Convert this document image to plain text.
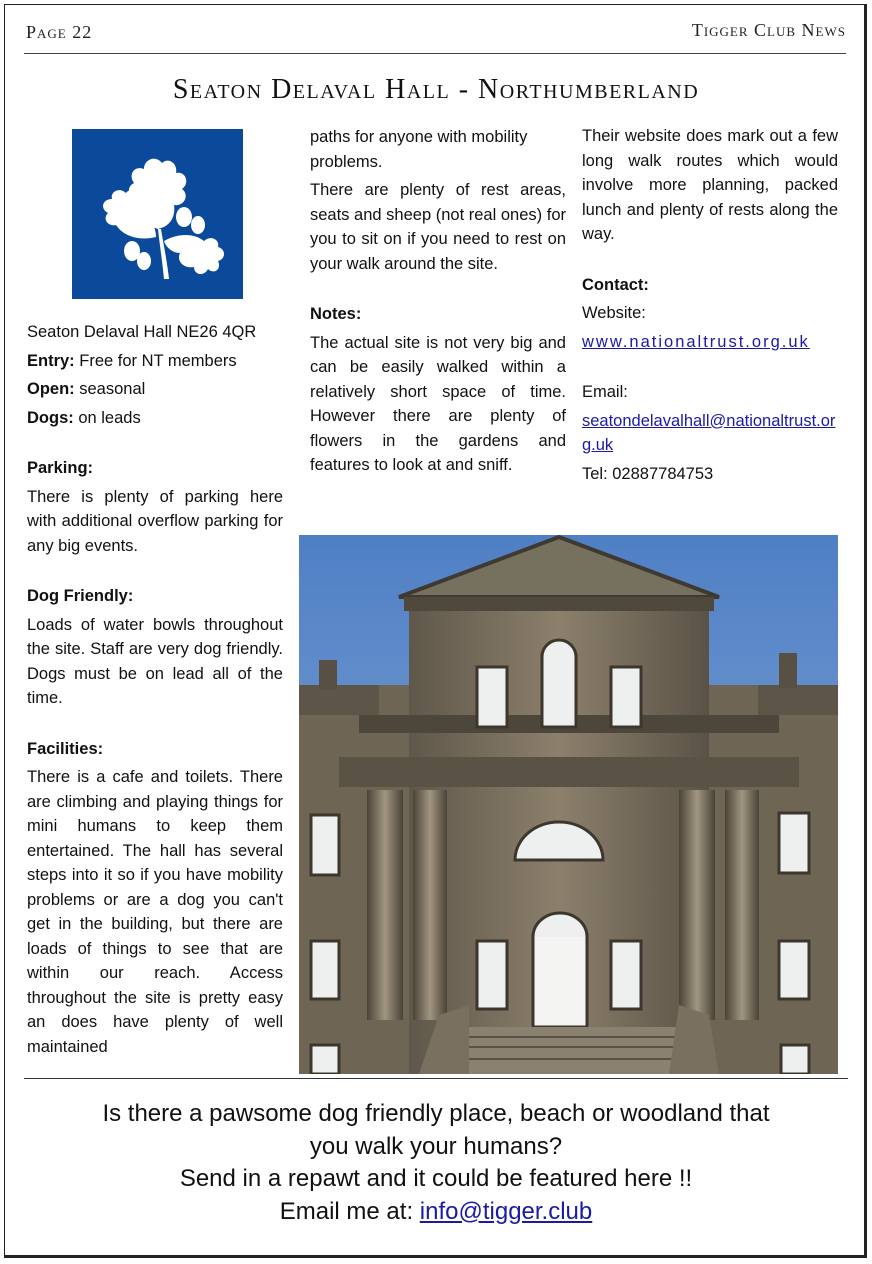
Page 22	Tigger Club News
Seaton Delaval Hall - Northumberland

Seaton Delaval Hall NE26 4QR

Entry: Free for NT members

Open: seasonal

Dogs: on leads

Parking:

There is plenty of parking here with additional overflow parking for any big events.

Dog Friendly:

Loads of water bowls throughout the site. Staff are very dog friendly. Dogs must be on lead all of the time.

Facilities:

There is a cafe and toilets. There are climbing and playing things for mini humans to keep them entertained. The hall has several steps into it so if you have mobility problems or are a dog you can't get in the building, but there are loads of things to see that are within our reach. Access throughout the site is pretty easy an does have plenty of well maintained

paths for anyone with mobility problems.

There are plenty of rest areas, seats and sheep (not real ones) for you to sit on if you need to rest on your walk around the site.

Notes:

The actual site is not very big and can be easily walked within a relatively short space of time. However there are plenty of flowers in the gardens and features to look at and sniff.

Their website does mark out a few long walk routes which would involve more planning, packed lunch and plenty of rests along the way.

Contact:

Website:

www.nationaltrust.org.uk

Email:

seatondelavalhall@nationaltrust.org.uk

Tel: 02887784753

Is there a pawsome dog friendly place, beach or woodland that
you walk your humans?
Send in a repawt and it could be featured here !!
Email me at: info@tigger.club
